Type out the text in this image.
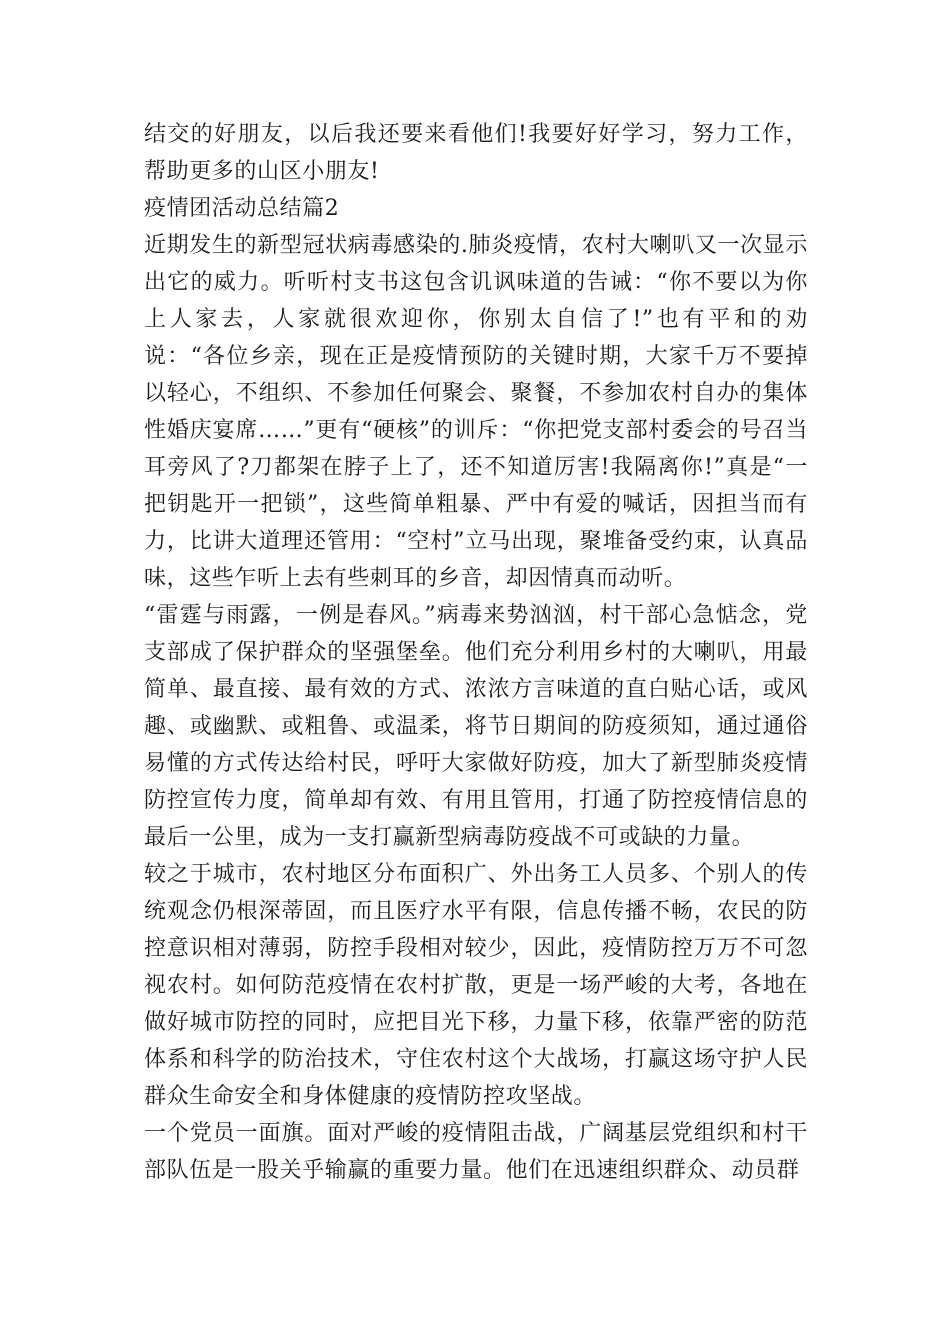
结交的好朋友，以后我还要来看他们!我要好好学习，努力工作，帮助更多的山区小朋友!

疫情团活动总结篇2

近期发生的新型冠状病毒感染的.肺炎疫情，农村大喇叭又一次显示出它的威力。听听村支书这包含讥讽味道的告诫：“你不要以为你上人家去，人家就很欢迎你，你别太自信了!”也有平和的劝说：“各位乡亲，现在正是疫情预防的关键时期，大家千万不要掉以轻心，不组织、不参加任何聚会、聚餐，不参加农村自办的集体性婚庆宴席……”更有“硬核”的训斥：“你把党支部村委会的号召当耳旁风了?刀都架在脖子上了，还不知道厉害!我隔离你!”真是“一把钥匙开一把锁”，这些简单粗暴、严中有爱的喊话，因担当而有力，比讲大道理还管用：“空村”立马出现，聚堆备受约束，认真品味，这些乍听上去有些刺耳的乡音，却因情真而动听。

“雷霆与雨露，一例是春风。”病毒来势汹汹，村干部心急惦念，党支部成了保护群众的坚强堡垒。他们充分利用乡村的大喇叭，用最简单、最直接、最有效的方式、浓浓方言味道的直白贴心话，或风趣、或幽默、或粗鲁、或温柔，将节日期间的防疫须知，通过通俗易懂的方式传达给村民，呼吁大家做好防疫，加大了新型肺炎疫情防控宣传力度，简单却有效、有用且管用，打通了防控疫情信息的最后一公里，成为一支打赢新型病毒防疫战不可或缺的力量。

较之于城市，农村地区分布面积广、外出务工人员多、个别人的传统观念仍根深蒂固，而且医疗水平有限，信息传播不畅，农民的防控意识相对薄弱，防控手段相对较少，因此，疫情防控万万不可忽视农村。如何防范疫情在农村扩散，更是一场严峻的大考，各地在做好城市防控的同时，应把目光下移，力量下移，依靠严密的防范体系和科学的防治技术，守住农村这个大战场，打赢这场守护人民群众生命安全和身体健康的疫情防控攻坚战。

一个党员一面旗。面对严峻的疫情阻击战，广阔基层党组织和村干部队伍是一股关乎输赢的重要力量。他们在迅速组织群众、动员群
